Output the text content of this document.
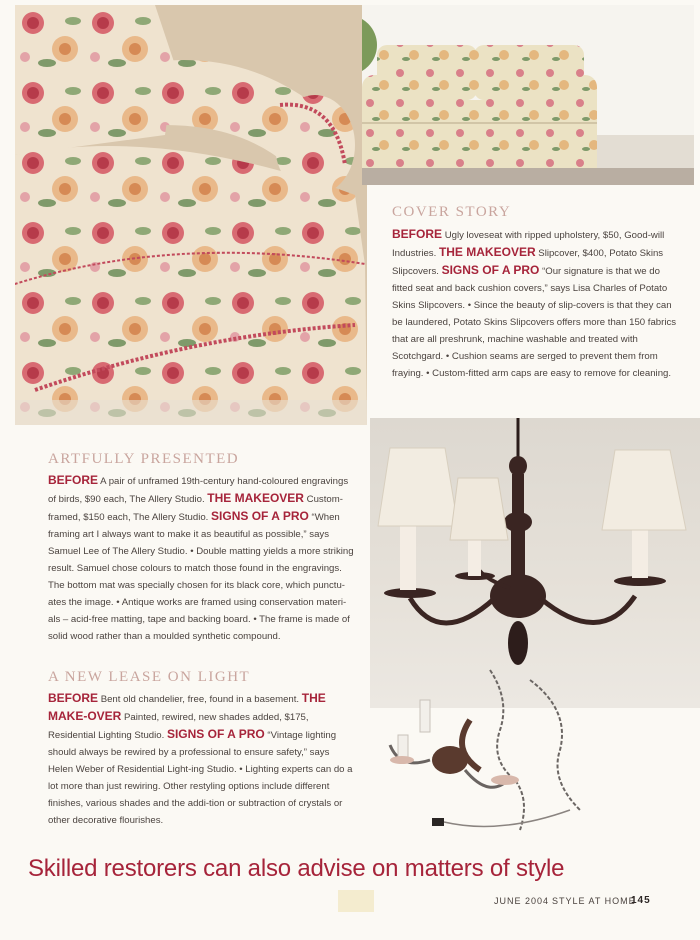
COVER STORY
BEFORE Ugly loveseat with ripped upholstery, $50, Good-will Industries. THE MAKEOVER Slipcover, $400, Potato Skins Slipcovers. SIGNS OF A PRO “Our signature is that we do fitted seat and back cushion covers,” says Lisa Charles of Potato Skins Slipcovers. • Since the beauty of slip-covers is that they can be laundered, Potato Skins Slipcovers offers more than 150 fabrics that are all preshrunk, machine washable and treated with Scotchgard. • Cushion seams are serged to prevent them from fraying. • Custom-fitted arm caps are easy to remove for cleaning.
ARTFULLY PRESENTED
BEFORE A pair of unframed 19th-century hand-coloured engravings of birds, $90 each, The Allery Studio. THE MAKEOVER Custom-framed, $150 each, The Allery Studio. SIGNS OF A PRO “When framing art I always want to make it as beautiful as possible,” says Samuel Lee of The Allery Studio. • Double matting yields a more striking result. Samuel chose colours to match those found in the engravings. The bottom mat was specially chosen for its black core, which punctu-ates the image. • Antique works are framed using conservation materi-als – acid-free matting, tape and backing board. • The frame is made of solid wood rather than a moulded synthetic compound.
A NEW LEASE ON LIGHT
BEFORE Bent old chandelier, free, found in a basement. THE MAKE-OVER Painted, rewired, new shades added, $175, Residential Lighting Studio. SIGNS OF A PRO “Vintage lighting should always be rewired by a professional to ensure safety,” says Helen Weber of Residential Light-ing Studio. • Lighting experts can do a lot more than just rewiring. Other restyling options include different finishes, various shades and the addi-tion or subtraction of crystals or other decorative flourishes.
Skilled restorers can also advise on matters of style
JUNE 2004 STYLE AT HOME
145
